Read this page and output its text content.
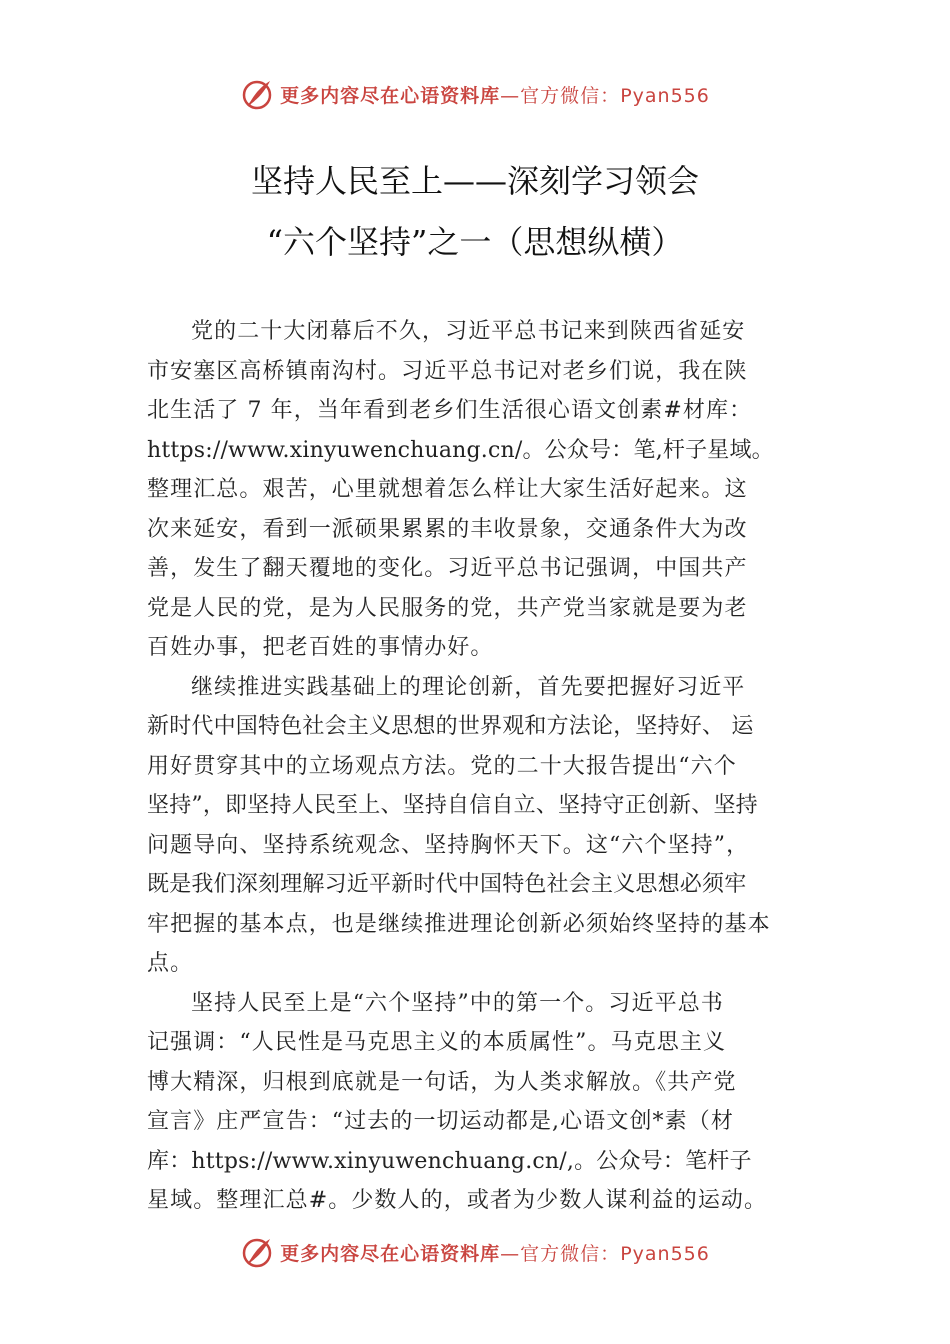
更多内容尽在心语资料库—官方微信：Pyan556
坚持人民至上——深刻学习领会
“六个坚持”之一（思想纵横）
党的二十大闭幕后不久，习近平总书记来到陕西省延安
市安塞区高桥镇南沟村。习近平总书记对老乡们说，我在陕
北生活了 7 年，当年看到老乡们生活很心语文创素#材库：
https://www.xinyuwenchuang.cn/。公众号：笔,杆子星域。
整理汇总。艰苦，心里就想着怎么样让大家生活好起来。这
次来延安，看到一派硕果累累的丰收景象，交通条件大为改
善，发生了翻天覆地的变化。习近平总书记强调，中国共产
党是人民的党，是为人民服务的党，共产党当家就是要为老
百姓办事，把老百姓的事情办好。
继续推进实践基础上的理论创新，首先要把握好习近平
新时代中国特色社会主义思想的世界观和方法论，坚持好、 运
用好贯穿其中的立场观点方法。党的二十大报告提出“六个
坚持”，即坚持人民至上、坚持自信自立、坚持守正创新、坚持
问题导向、坚持系统观念、坚持胸怀天下。这“六个坚持”，
既是我们深刻理解习近平新时代中国特色社会主义思想必须牢
牢把握的基本点，也是继续推进理论创新必须始终坚持的基本
点。
坚持人民至上是“六个坚持”中的第一个。习近平总书
记强调：“人民性是马克思主义的本质属性”。马克思主义
博大精深，归根到底就是一句话，为人类求解放。《共产党
宣言》庄严宣告：“过去的一切运动都是,心语文创*素（材
库：https://www.xinyuwenchuang.cn/,。公众号：笔杆子
星域。整理汇总#。少数人的，或者为少数人谋利益的运动。
更多内容尽在心语资料库—官方微信：Pyan556
